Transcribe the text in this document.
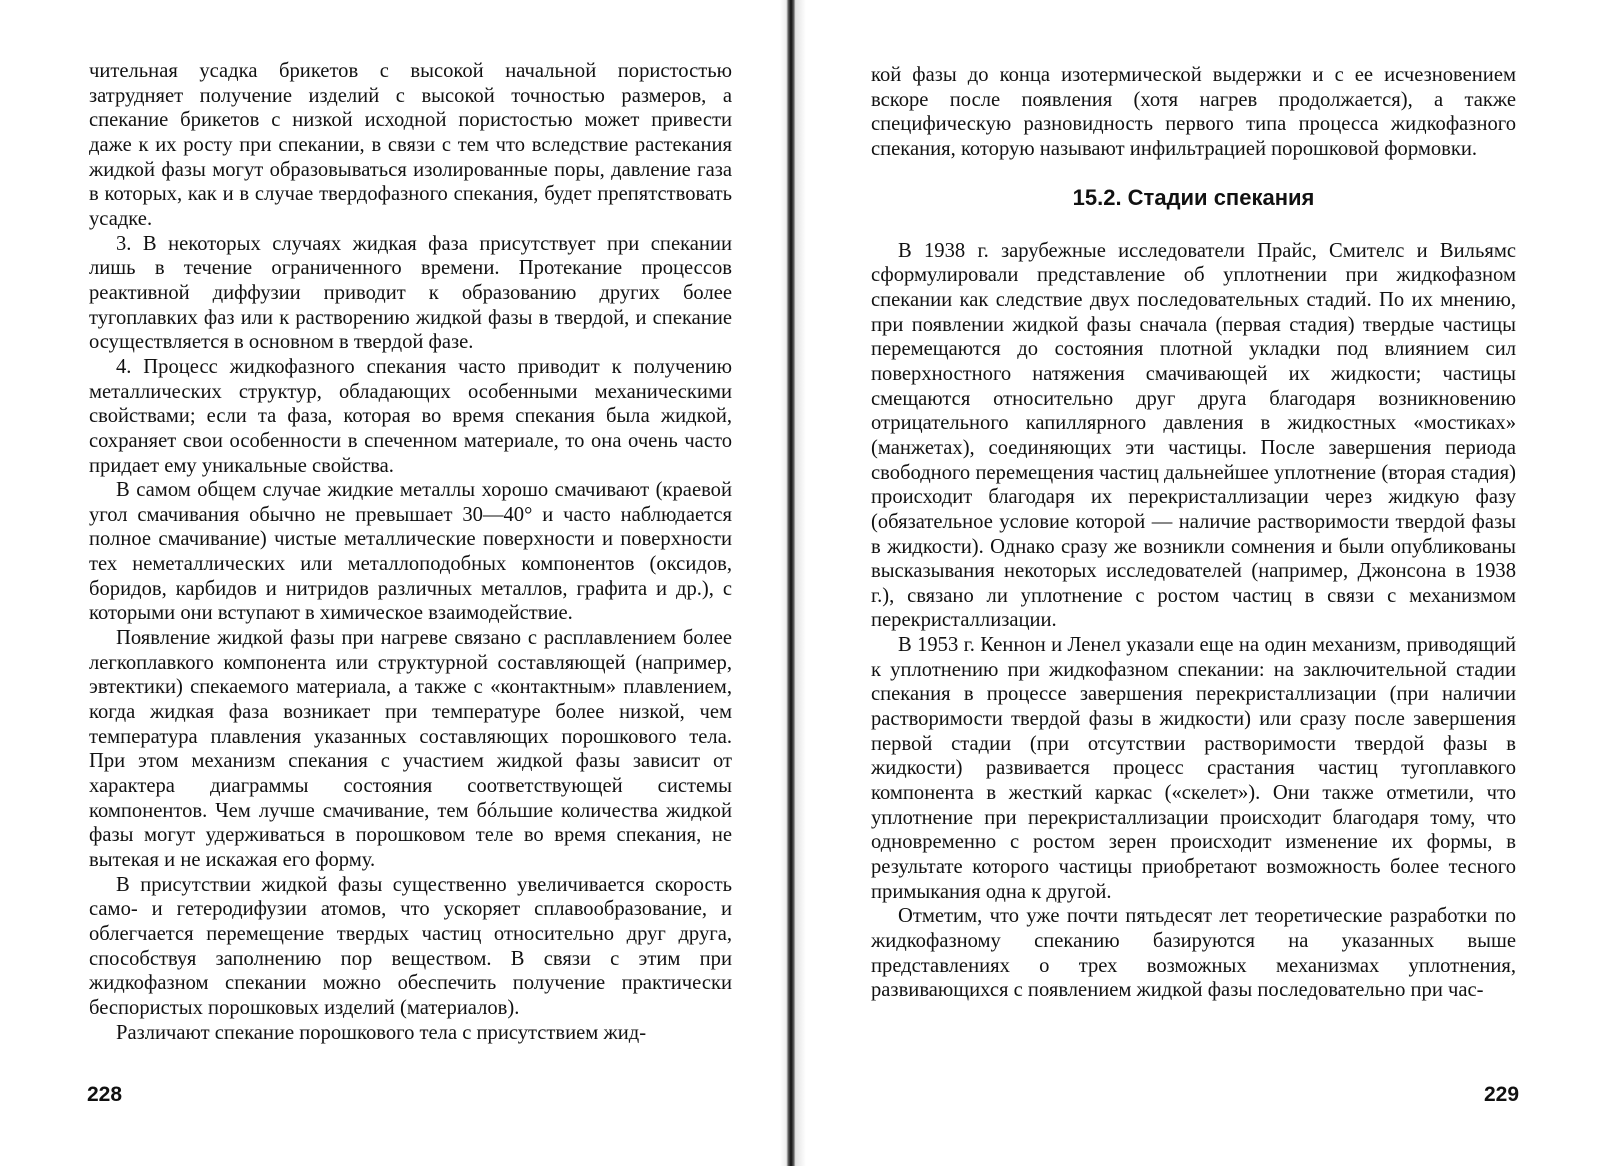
чительная усадка брикетов с высокой начальной пористостью затрудняет получение изделий с высокой точностью размеров, а спекание брикетов с низкой исходной пористостью может привести даже к их росту при спекании, в связи с тем что вследствие растекания жидкой фазы могут образовываться изолированные поры, давление газа в которых, как и в случае твердофазного спекания, будет препятствовать усадке.

3. В некоторых случаях жидкая фаза присутствует при спекании лишь в течение ограниченного времени. Протекание процессов реактивной диффузии приводит к образованию других более тугоплавких фаз или к растворению жидкой фазы в твердой, и спекание осуществляется в основном в твердой фазе.

4. Процесс жидкофазного спекания часто приводит к получению металлических структур, обладающих особенными механическими свойствами; если та фаза, которая во время спекания была жидкой, сохраняет свои особенности в спеченном материале, то она очень часто придает ему уникальные свойства.

В самом общем случае жидкие металлы хорошо смачивают (краевой угол смачивания обычно не превышает 30—40° и часто наблюдается полное смачивание) чистые металлические поверхности и поверхности тех неметаллических или металлоподобных компонентов (оксидов, боридов, карбидов и нитридов различных металлов, графита и др.), с которыми они вступают в химическое взаимодействие.

Появление жидкой фазы при нагреве связано с расплавлением более легкоплавкого компонента или структурной составляющей (например, эвтектики) спекаемого материала, а также с «контактным» плавлением, когда жидкая фаза возникает при температуре более низкой, чем температура плавления указанных составляющих порошкового тела. При этом механизм спекания с участием жидкой фазы зависит от характера диаграммы состояния соответствующей системы компонентов. Чем лучше смачивание, тем бóльшие количества жидкой фазы могут удерживаться в порошковом теле во время спекания, не вытекая и не искажая его форму.

В присутствии жидкой фазы существенно увеличивается скорость само- и гетеродифузии атомов, что ускоряет сплавообразование, и облегчается перемещение твердых частиц относительно друг друга, способствуя заполнению пор веществом. В связи с этим при жидкофазном спекании можно обеспечить получение практически беспористых порошковых изделий (материалов).

Различают спекание порошкового тела с присутствием жид-

228

кой фазы до конца изотермической выдержки и с ее исчезновением вскоре после появления (хотя нагрев продолжается), а также специфическую разновидность первого типа процесса жидкофазного спекания, которую называют инфильтрацией порошковой формовки.

15.2. Стадии спекания

В 1938 г. зарубежные исследователи Прайс, Смителс и Вильямс сформулировали представление об уплотнении при жидкофазном спекании как следствие двух последовательных стадий. По их мнению, при появлении жидкой фазы сначала (первая стадия) твердые частицы перемещаются до состояния плотной укладки под влиянием сил поверхностного натяжения смачивающей их жидкости; частицы смещаются относительно друг друга благодаря возникновению отрицательного капиллярного давления в жидкостных «мостиках» (манжетах), соединяющих эти частицы. После завершения периода свободного перемещения частиц дальнейшее уплотнение (вторая стадия) происходит благодаря их перекристаллизации через жидкую фазу (обязательное условие которой — наличие растворимости твердой фазы в жидкости). Однако сразу же возникли сомнения и были опубликованы высказывания некоторых исследователей (например, Джонсона в 1938 г.), связано ли уплотнение с ростом частиц в связи с механизмом перекристаллизации.

В 1953 г. Кеннон и Ленел указали еще на один механизм, приводящий к уплотнению при жидкофазном спекании: на заключительной стадии спекания в процессе завершения перекристаллизации (при наличии растворимости твердой фазы в жидкости) или сразу после завершения первой стадии (при отсутствии растворимости твердой фазы в жидкости) развивается процесс срастания частиц тугоплавкого компонента в жесткий каркас («скелет»). Они также отметили, что уплотнение при перекристаллизации происходит благодаря тому, что одновременно с ростом зерен происходит изменение их формы, в результате которого частицы приобретают возможность более тесного примыкания одна к другой.

Отметим, что уже почти пятьдесят лет теоретические разработки по жидкофазному спеканию базируются на указанных выше представлениях о трех возможных механизмах уплотнения, развивающихся с появлением жидкой фазы последовательно при час-

229
